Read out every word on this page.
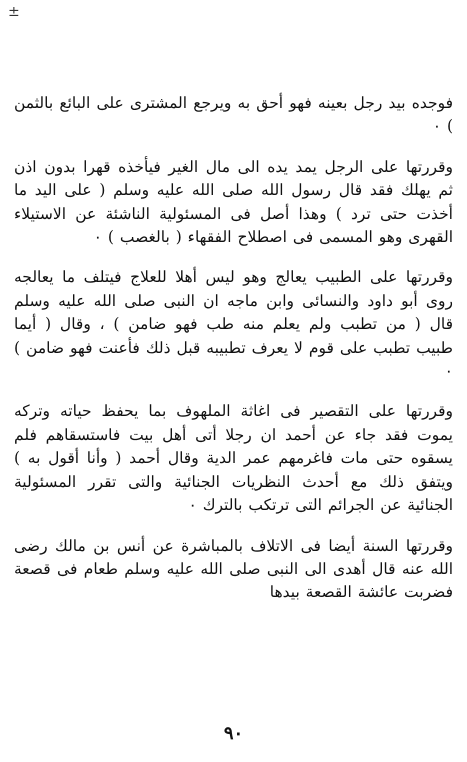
±

فوجده بيد رجل بعينه فهو أحق به ويرجع المشترى على البائع بالثمن ) ٠

وقررتها على الرجل يمد يده الى مال الغير فيأخذه قهرا بدون اذن ثم يهلك فقد قال رسول الله صلى الله عليه وسلم ( على اليد ما أخذت حتى ترد ) وهذا أصل فى المسئولية الناشئة عن الاستيلاء القهرى وهو المسمى فى اصطلاح الفقهاء ( بالغصب ) ٠

وقررتها على الطبيب يعالج وهو ليس أهلا للعلاج فيتلف ما يعالجه روى أبو داود والنسائى وابن ماجه ان النبى صلى الله عليه وسلم قال ( من تطبب ولم يعلم منه طب فهو ضامن ) ، وقال ( أيما طبيب تطبب على قوم لا يعرف تطبيبه قبل ذلك فأعنت فهو ضامن ) ٠

وقررتها على التقصير فى اغاثة الملهوف بما يحفظ حياته وتركه يموت فقد جاء عن أحمد ان رجلا أتى أهل بيت فاستسقاهم فلم يسقوه حتى مات فاغرمهم عمر الدية وقال أحمد ( وأنا أقول به ) ويتفق ذلك مع أحدث النظريات الجنائية والتى تقرر المسئولية الجنائية عن الجرائم التى ترتكب بالترك ٠

وقررتها السنة أيضا فى الاتلاف بالمباشرة عن أنس بن مالك رضى الله عنه قال أهدى الى النبى صلى الله عليه وسلم طعام فى قصعة فضربت عائشة القصعة بيدها

٩٠
